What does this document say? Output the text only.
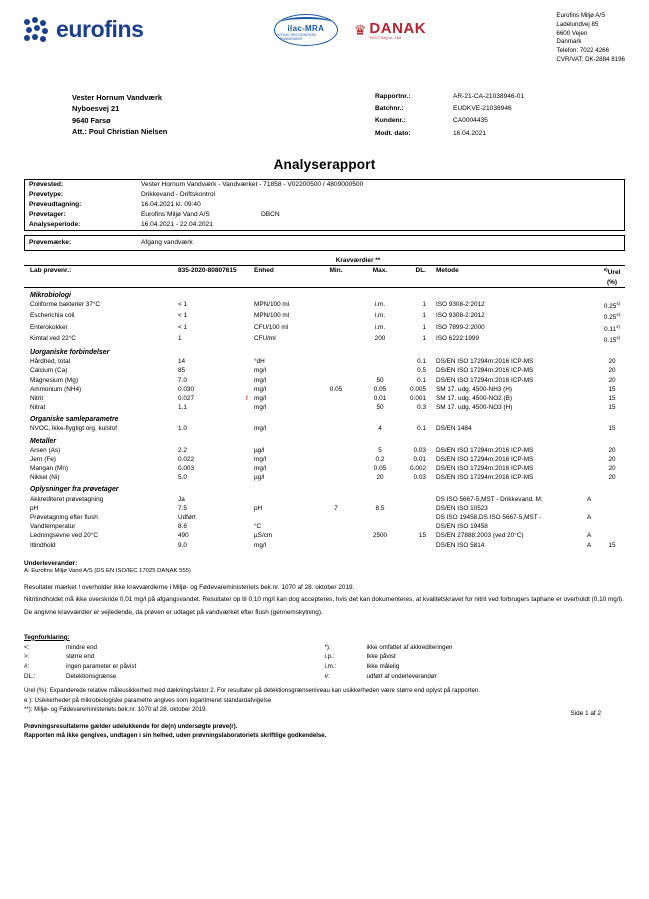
eurofins	ilac-MRA
MUTUAL RECOGNITION ARRANGEMENT
♛ DANAK
TEST Reg.nr. 168
Eurofins Miljø A/S
Ladelundvej 85
6600 Vejen
Danmark
Telefon: 7022 4266
CVR/VAT: DK-2884 8196
Vester Hornum Vandværk
Nyboesvej 21
9640 Farsø
Att.: Poul Christian Nielsen
Rapportnr.:	AR-21-CA-21038946-01
Batchnr.:	EUDKVE-21038946
Kundenr.:	CA0004435
Modt. dato:	16.04.2021
Analyserapport
Prøvested:	Vester Hornum Vandværk - Vandværket - 71858 - V02200500 / 4809000500
Prøvetype:	Drikkevand - Driftskontrol
Prøveudtagning:	16.04.2021 kl. 09:40
Prøvetager:	Eurofins Miljø Vand A/S	DBCN
Analyseperiode:	16.04.2021 - 22.04.2021
Prøvemærke:	Afgang vandværk
				Kravværdier **					
Lab prøvenr.:	835-2020-80807615		Enhed	Min.	Max.	DL.	Metode		$^{e)}$Urel
									(%)
Mikrobiologi									
Coliforme bakterier 37°C	< 1		MPN/100 ml		i.m.	1	ISO 9308-2:2012		0.25$^{x)}$
Escherichia coli	< 1		MPN/100 ml		i.m.	1	ISO 9308-2:2012		0.25$^{x)}$
Enterokokker	< 1		CFU/100 ml		i.m.	1	ISO 7899-2:2000		0.11$^{x)}$
Kimtal ved 22°C	1		CFU/ml		200	1	ISO 6222:1999		0.15$^{x)}$
Uorganiske forbindelser									
Hårdhed, total	14		°dH			0.1	DS/EN ISO 17294m:2016 ICP-MS		20
Calcium (Ca)	85		mg/l			0.5	DS/EN ISO 17294m:2016 ICP-MS		20
Magnesium (Mg)	7.0		mg/l		50	0.1	DS/EN ISO 17294m:2016 ICP-MS		20
Ammonium (NH4)	0.030		mg/l	0.05	0.05	0.005	SM 17. udg. 4500-NH3 (H)		15
Nitrit	0.027	!	mg/l		0.01	0.001	SM 17. udg. 4500-NO2 (B)		15
Nitrat	1.1		mg/l		50	0.3	SM 17. udg. 4500-NO3 (H)		15
Organiske samleparametre									
NVOC, ikke-flygtigt org. kulstof	1.0		mg/l		4	0.1	DS/EN 1484		15
Metaller									
Arsen (As)	2.2		µg/l		5	0.03	DS/EN ISO 17294m:2016 ICP-MS		20
Jern (Fe)	0.022		mg/l		0.2	0.01	DS/EN ISO 17294m:2016 ICP-MS		20
Mangan (Mn)	0.003		mg/l		0.05	0.002	DS/EN ISO 17294m:2016 ICP-MS		20
Nikkel (Ni)	5.0		µg/l		20	0.03	DS/EN ISO 17294m:2016 ICP-MS		20
Oplysninger fra prøvetager									
Akkrediteret prøvetagning	Ja						DS ISO 5667-5,MST - Drikkevand. M:	A	
pH	7.5		pH	7	8.5		DS/EN ISO 10523		
Prøvetagning efter flush	Udført						DS ISO 19458,DS ISO 5667-5,MST -	A	
Vandtemperatur	8.6		°C				DS/EN ISO 19458		
Ledningsevne ved 20°C	490		µS/cm		2500	15	DS/EN 27888:2003 (ved 20°C)	A	
Iltindhold	9.0		mg/l				DS/EN ISO 5814	A	15
Underleverandør:
A: Eurofins Miljø Vand A/S (DS EN ISO/IEC 17025 DANAK 555)
Resultater mærket ! overholder ikke kravværdierne i Miljø- og Fødevareministeriets bek.nr. 1070 af 28. oktober 2019.
Nitritindholdet må ikke overskride 0,01 mg/l på afgangsvandet. Resultater op til 0,10 mg/l kan dog accepteres, hvis det kan dokumenteres, at kvalitetskravet for nitrit ved forbrugers taphane er overholdt (0,10 mg/l).
De angivne kravværdier er vejledende, da prøven er udtaget på vandværket efter flush (gennemskylning).
Tegnforklaring:
<:	mindre end
>:	større end
#:	ingen parameter er påvist
DL.:	Detektionsgrænse
*):	ikke omfattet af akkrediteringen
i.p.:	Ikke påvist
i.m.:	Ikke målelig
#:	udført af underleverandør
Urel (%): Expanderede relative måleusikkerhed med dækningsfaktor 2. For resultater på detektionsgrænseniveau kan usikkerheden være større end oplyst på rapporten.
e ): Usikkerheder på mikrobiologiske parametre angives som logaritmeret standardafvigelse
**): Miljø- og Fødevareministeriets bek.nr. 1070 af 28. oktober 2019.
Prøvningsresultaterne gælder udelukkende for de(n) undersøgte prøve(r).
Rapporten må ikke gengives, undtagen i sin helhed, uden prøvningslaboratoriets skriftlige godkendelse.
Side 1 af 2
